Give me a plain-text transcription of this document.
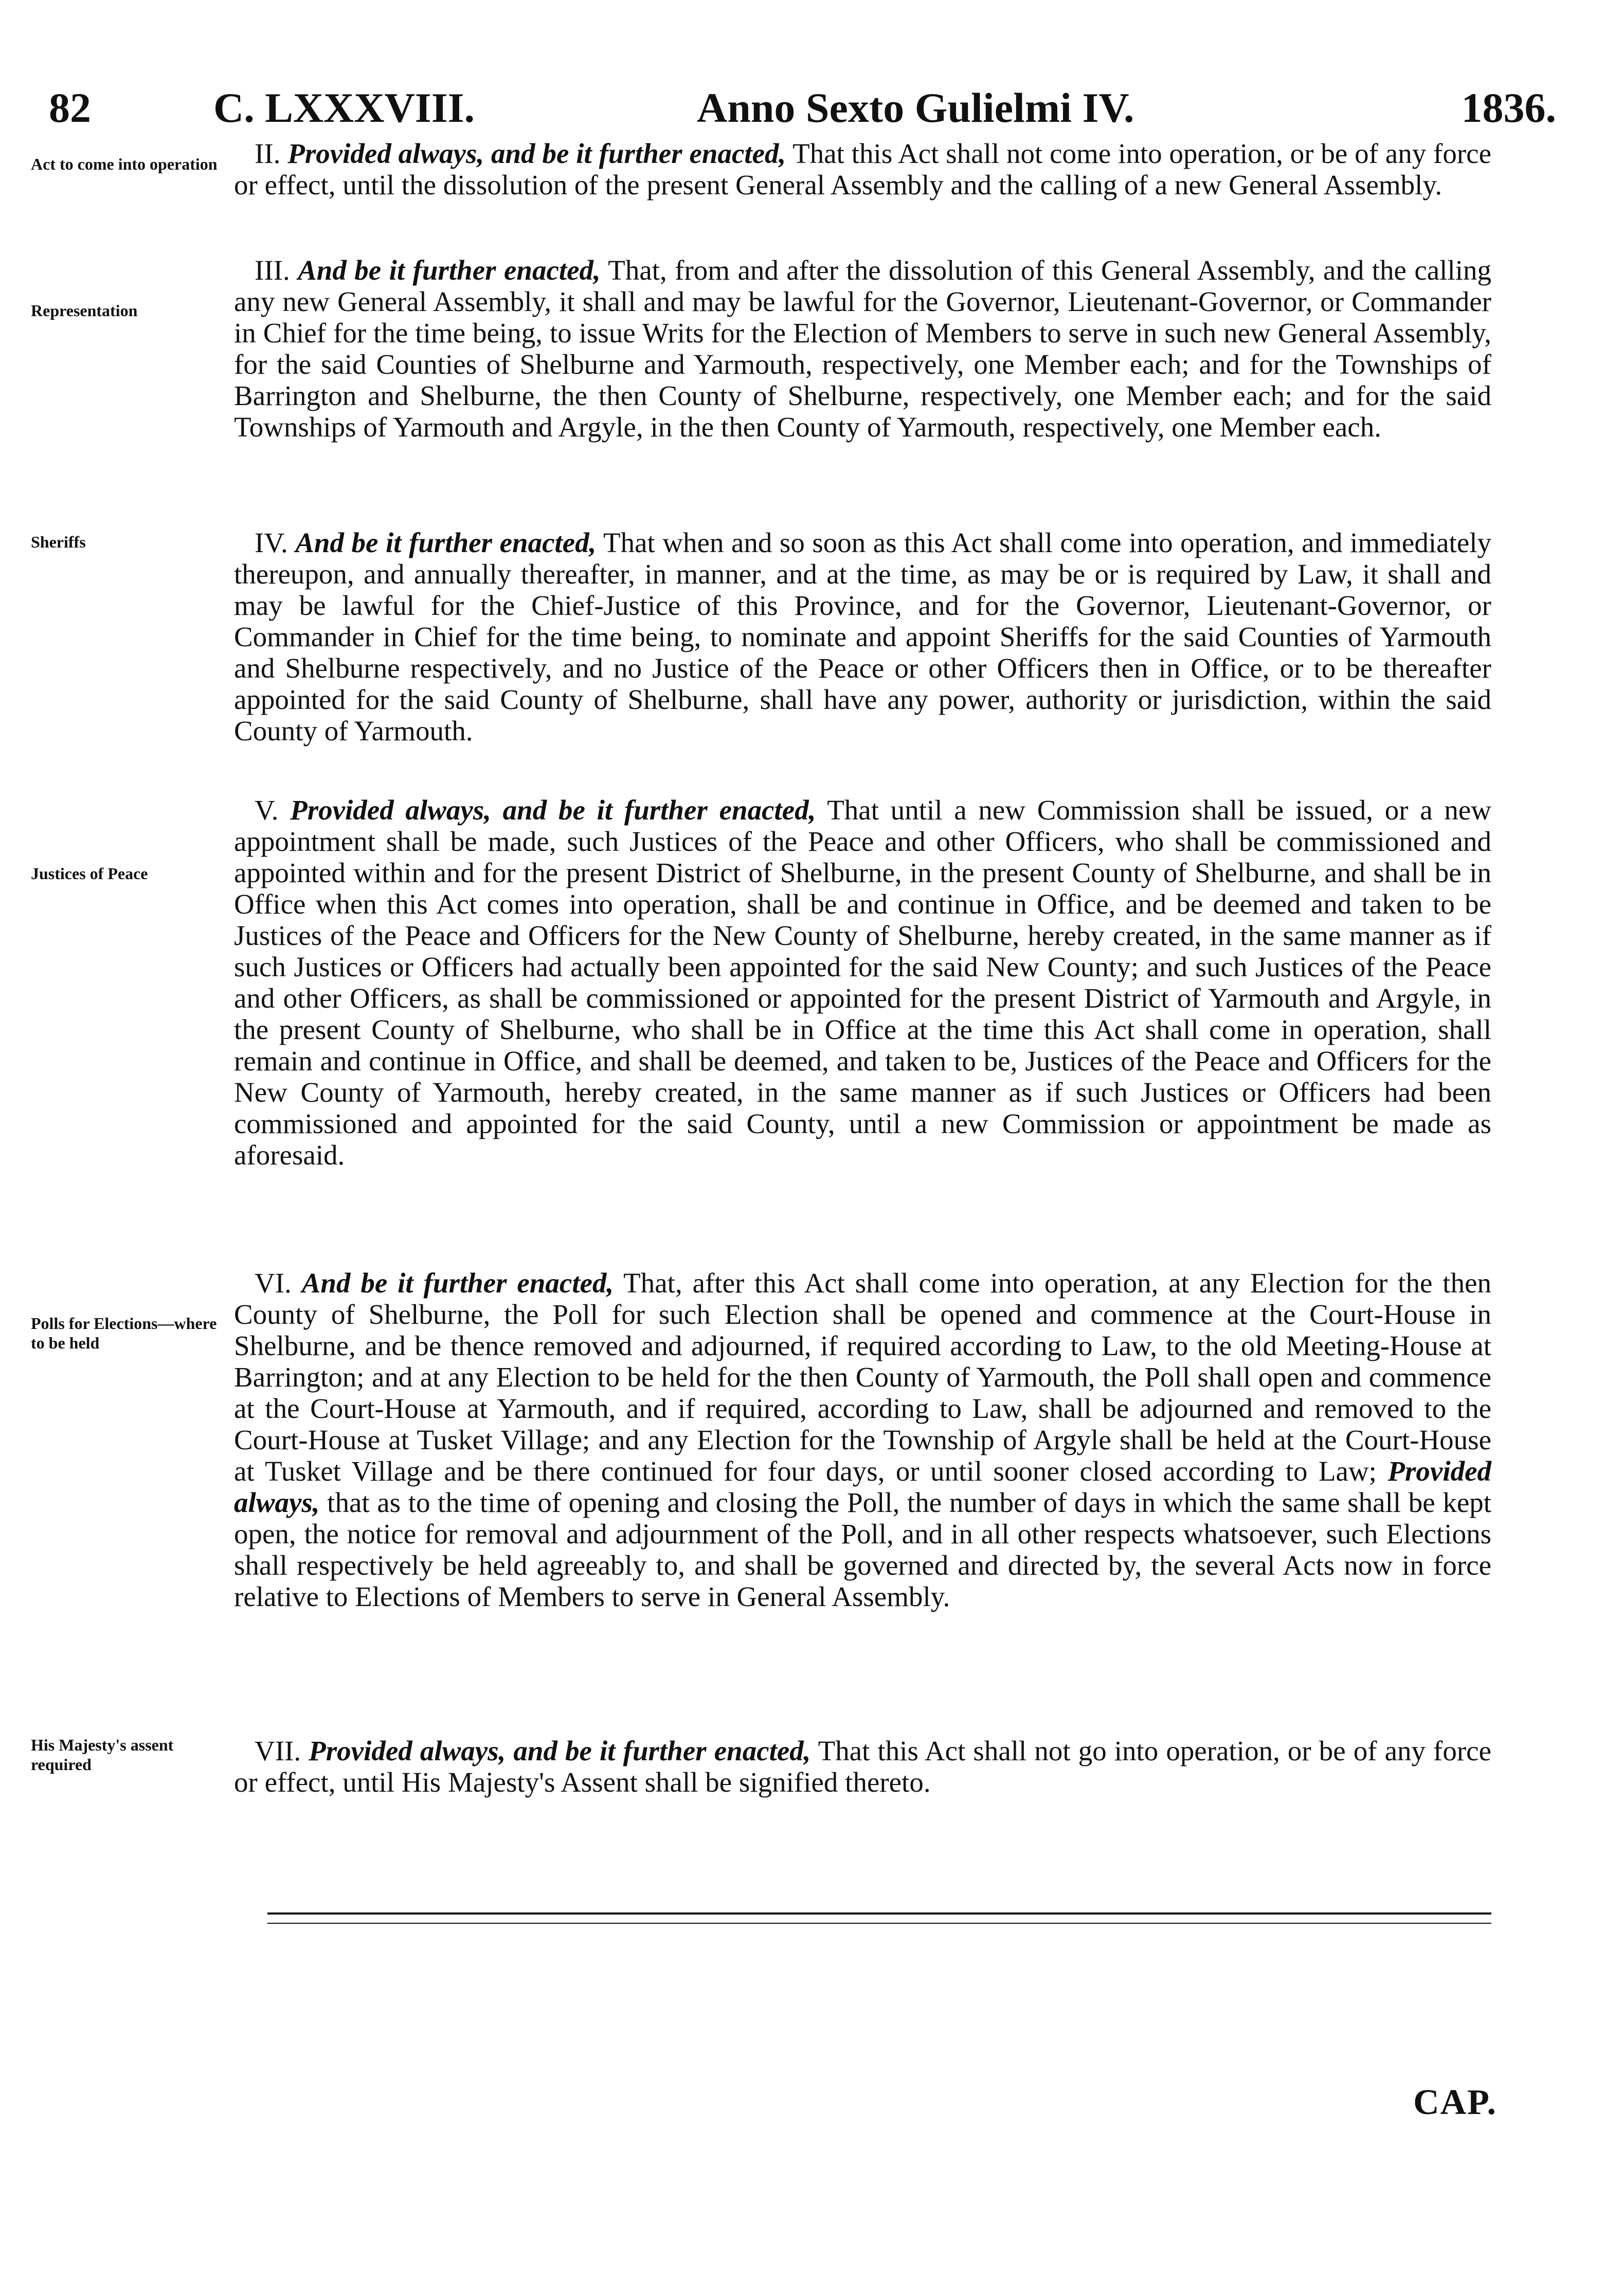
82	C. LXXXVIII.	Anno Sexto Gulielmi IV.	1836.
Act to come into operation
Representation
Sheriffs
Justices of Peace
Polls for Elections—where to be held
His Majesty's assent required

II. Provided always, and be it further enacted, That this Act shall not come into operation, or be of any force or effect, until the dissolution of the present General Assembly and the calling of a new General Assembly.

III. And be it further enacted, That, from and after the dissolution of this General Assembly, and the calling any new General Assembly, it shall and may be lawful for the Governor, Lieutenant-Governor, or Commander in Chief for the time being, to issue Writs for the Election of Members to serve in such new General Assembly, for the said Counties of Shelburne and Yarmouth, respectively, one Member each; and for the Townships of Barrington and Shelburne, the then County of Shelburne, respectively, one Member each; and for the said Townships of Yarmouth and Argyle, in the then County of Yarmouth, respectively, one Member each.

IV. And be it further enacted, That when and so soon as this Act shall come into operation, and immediately thereupon, and annually thereafter, in manner, and at the time, as may be or is required by Law, it shall and may be lawful for the Chief-Justice of this Province, and for the Governor, Lieutenant-Governor, or Commander in Chief for the time being, to nominate and appoint Sheriffs for the said Counties of Yarmouth and Shelburne respectively, and no Justice of the Peace or other Officers then in Office, or to be thereafter appointed for the said County of Shelburne, shall have any power, authority or jurisdiction, within the said County of Yarmouth.

V. Provided always, and be it further enacted, That until a new Commission shall be issued, or a new appointment shall be made, such Justices of the Peace and other Officers, who shall be commissioned and appointed within and for the present District of Shelburne, in the present County of Shelburne, and shall be in Office when this Act comes into operation, shall be and continue in Office, and be deemed and taken to be Justices of the Peace and Officers for the New County of Shelburne, hereby created, in the same manner as if such Justices or Officers had actually been appointed for the said New County; and such Justices of the Peace and other Officers, as shall be commissioned or appointed for the present District of Yarmouth and Argyle, in the present County of Shelburne, who shall be in Office at the time this Act shall come in operation, shall remain and continue in Office, and shall be deemed, and taken to be, Justices of the Peace and Officers for the New County of Yarmouth, hereby created, in the same manner as if such Justices or Officers had been commissioned and appointed for the said County, until a new Commission or appointment be made as aforesaid.

VI. And be it further enacted, That, after this Act shall come into operation, at any Election for the then County of Shelburne, the Poll for such Election shall be opened and commence at the Court-House in Shelburne, and be thence removed and adjourned, if required according to Law, to the old Meeting-House at Barrington; and at any Election to be held for the then County of Yarmouth, the Poll shall open and commence at the Court-House at Yarmouth, and if required, according to Law, shall be adjourned and removed to the Court-House at Tusket Village; and any Election for the Township of Argyle shall be held at the Court-House at Tusket Village and be there continued for four days, or until sooner closed according to Law; Provided always, that as to the time of opening and closing the Poll, the number of days in which the same shall be kept open, the notice for removal and adjournment of the Poll, and in all other respects whatsoever, such Elections shall respectively be held agreeably to, and shall be governed and directed by, the several Acts now in force relative to Elections of Members to serve in General Assembly.

VII. Provided always, and be it further enacted, That this Act shall not go into operation, or be of any force or effect, until His Majesty's Assent shall be signified thereto.

CAP.
